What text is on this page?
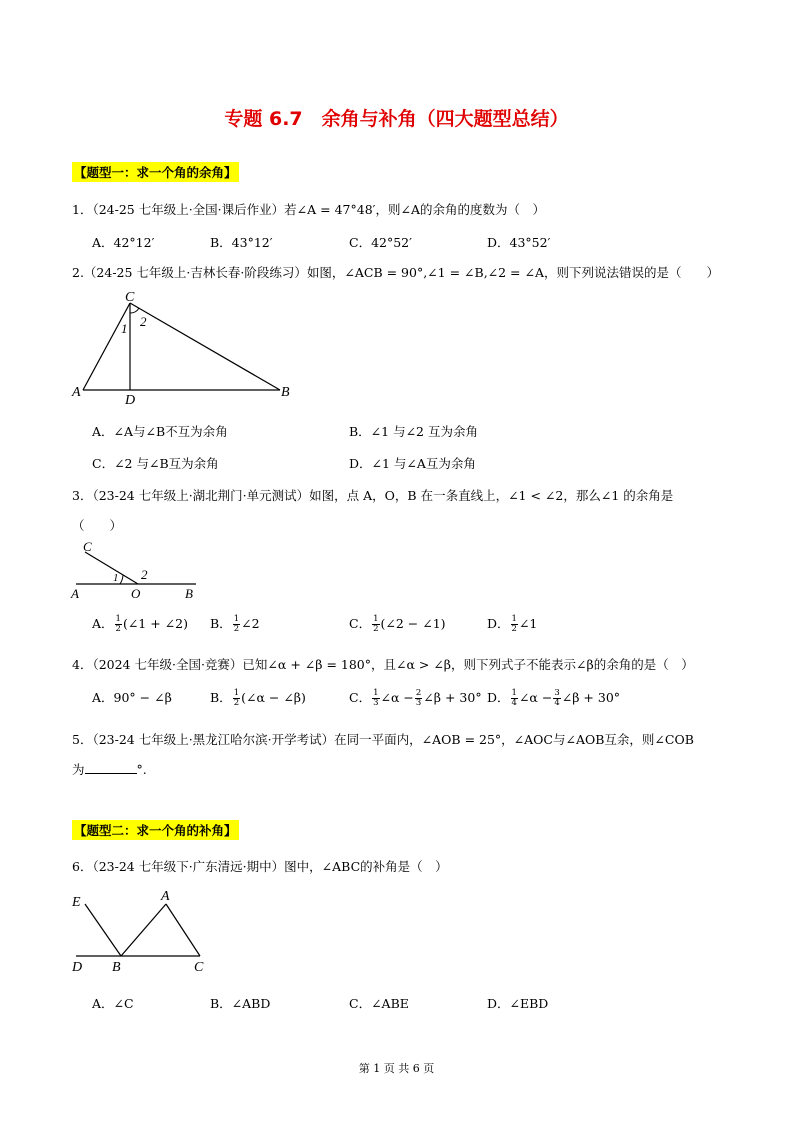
专题 6.7　余角与补角（四大题型总结）
【题型一：求一个角的余角】
1．（24-25 七年级上·全国·课后作业）若∠A = 47°48′，则∠A的余角的度数为（　）
A．42°12′	B．43°12′	C．42°52′	D．43°52′
2.（24-25 七年级上·吉林长春·阶段练习）如图，∠ACB = 90°,∠1 = ∠B,∠2 = ∠A，则下列说法错误的是（　　）
C
A	B
D
1 2
A．∠A与∠B不互为余角	B．∠1 与∠2 互为余角
C．∠2 与∠B互为余角	D．∠1 与∠A互为余角
3．（23-24 七年级上·湖北荆门·单元测试）如图，点 A，O，B 在一条直线上，∠1 < ∠2，那么∠1 的余角是
（　　）
C
A	O	B
1 2
A． $\frac{1}{2}$ (∠1 + ∠2) B． $\frac{1}{2}$ ∠2	C． $\frac{1}{2}$ (∠2 − ∠1)	D． $\frac{1}{2}$ ∠1
4．（2024 七年级·全国·竞赛）已知∠α + ∠β = 180°，且∠α > ∠β，则下列式子不能表示∠β的余角的是（　）
A．90° − ∠β	B． $\frac{1}{2}$ (∠α − ∠β)	C． $\frac{1}{3}$ ∠α − $\frac{2}{3}$ ∠β + 30° D． $\frac{1}{4}$ ∠α − $\frac{3}{4}$ ∠β + 30°
5．（23-24 七年级上·黑龙江哈尔滨·开学考试）在同一平面内，∠AOB = 25°，∠AOC与∠AOB互余，则∠COB
为	°.
【题型二：求一个角的补角】
6．（23-24 七年级下·广东清远·期中）图中，∠ABC的补角是（　）
E	A
D B	C
A．∠C	B．∠ABD	C．∠ABE	D．∠EBD
第 1 页 共 6 页
